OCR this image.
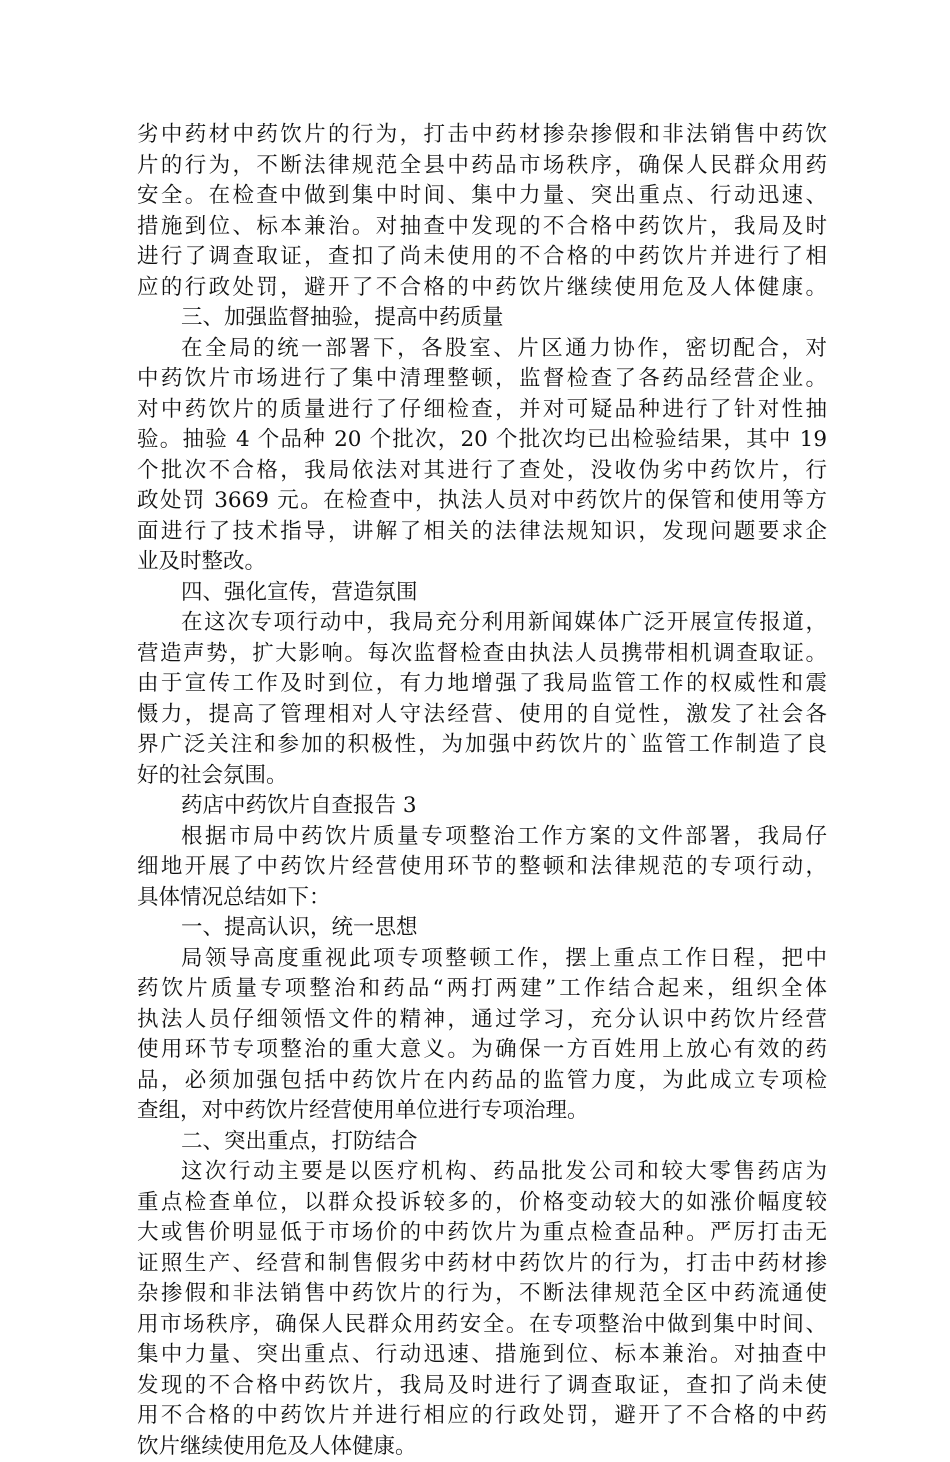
劣中药材中药饮片的行为，打击中药材掺杂掺假和非法销售中药饮
片的行为，不断法律规范全县中药品市场秩序，确保人民群众用药
安全。在检查中做到集中时间、集中力量、突出重点、行动迅速、
措施到位、标本兼治。对抽查中发现的不合格中药饮片，我局及时
进行了调查取证，查扣了尚未使用的不合格的中药饮片并进行了相
应的行政处罚，避开了不合格的中药饮片继续使用危及人体健康。
三、加强监督抽验，提高中药质量
在全局的统一部署下，各股室、片区通力协作，密切配合，对
中药饮片市场进行了集中清理整顿，监督检查了各药品经营企业。
对中药饮片的质量进行了仔细检查，并对可疑品种进行了针对性抽
验。抽验 4 个品种 20 个批次，20 个批次均已出检验结果，其中 19
个批次不合格，我局依法对其进行了查处，没收伪劣中药饮片，行
政处罚 3669 元。在检查中，执法人员对中药饮片的保管和使用等方
面进行了技术指导，讲解了相关的法律法规知识，发现问题要求企
业及时整改。
四、强化宣传，营造氛围
在这次专项行动中，我局充分利用新闻媒体广泛开展宣传报道，
营造声势，扩大影响。每次监督检查由执法人员携带相机调查取证。
由于宣传工作及时到位，有力地增强了我局监管工作的权威性和震
慑力，提高了管理相对人守法经营、使用的自觉性，激发了社会各
界广泛关注和参加的积极性，为加强中药饮片的`监管工作制造了良
好的社会氛围。
药店中药饮片自查报告 3
根据市局中药饮片质量专项整治工作方案的文件部署，我局仔
细地开展了中药饮片经营使用环节的整顿和法律规范的专项行动，
具体情况总结如下：
一、提高认识，统一思想
局领导高度重视此项专项整顿工作，摆上重点工作日程，把中
药饮片质量专项整治和药品“两打两建”工作结合起来，组织全体
执法人员仔细领悟文件的精神，通过学习，充分认识中药饮片经营
使用环节专项整治的重大意义。为确保一方百姓用上放心有效的药
品，必须加强包括中药饮片在内药品的监管力度，为此成立专项检
查组，对中药饮片经营使用单位进行专项治理。
二、突出重点，打防结合
这次行动主要是以医疗机构、药品批发公司和较大零售药店为
重点检查单位，以群众投诉较多的，价格变动较大的如涨价幅度较
大或售价明显低于市场价的中药饮片为重点检查品种。严厉打击无
证照生产、经营和制售假劣中药材中药饮片的行为，打击中药材掺
杂掺假和非法销售中药饮片的行为，不断法律规范全区中药流通使
用市场秩序，确保人民群众用药安全。在专项整治中做到集中时间、
集中力量、突出重点、行动迅速、措施到位、标本兼治。对抽查中
发现的不合格中药饮片，我局及时进行了调查取证，查扣了尚未使
用不合格的中药饮片并进行相应的行政处罚，避开了不合格的中药
饮片继续使用危及人体健康。
